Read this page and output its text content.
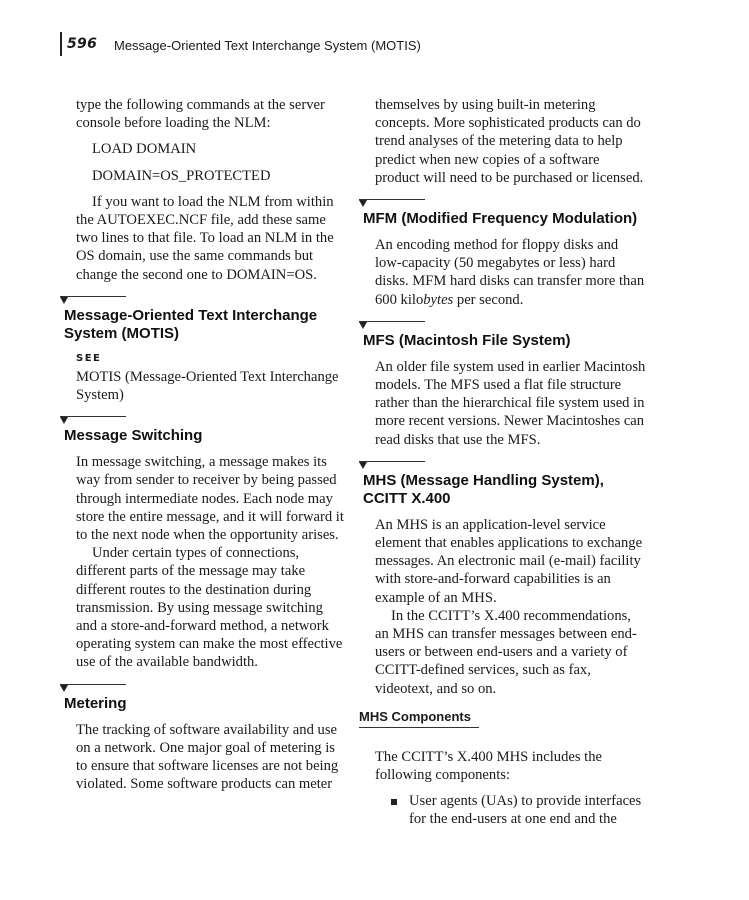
596 Message-Oriented Text Interchange System (MOTIS)

type the following commands at the server console before loading the NLM:

LOAD DOMAIN

DOMAIN=OS_PROTECTED

If you want to load the NLM from within the AUTOEXEC.NCF file, add these same two lines to that file. To load an NLM in the OS domain, use the same commands but change the second one to DOMAIN=OS.

Message-Oriented Text Interchange System (MOTIS)
SEE

MOTIS (Message-Oriented Text Interchange System)

Message Switching

In message switching, a message makes its way from sender to receiver by being passed through intermediate nodes. Each node may store the entire message, and it will forward it to the next node when the opportunity arises.

Under certain types of connections, different parts of the message may take different routes to the destination during transmission. By using message switching and a store-and-forward method, a network operating system can make the most effective use of the available bandwidth.

Metering

The tracking of software availability and use on a network. One major goal of metering is to ensure that software licenses are not being violated. Some software products can meter

themselves by using built-in metering concepts. More sophisticated products can do trend analyses of the metering data to help predict when new copies of a software product will need to be purchased or licensed.

MFM (Modified Frequency Modulation)

An encoding method for floppy disks and low-capacity (50 megabytes or less) hard disks. MFM hard disks can transfer more than 600 kilobytes per second.

MFS (Macintosh File System)

An older file system used in earlier Macintosh models. The MFS used a flat file structure rather than the hierarchical file system used in more recent versions. Newer Macintoshes can read disks that use the MFS.

MHS (Message Handling System), CCITT X.400

An MHS is an application-level service element that enables applications to exchange messages. An electronic mail (e-mail) facility with store-and-forward capabilities is an example of an MHS.

In the CCITT’s X.400 recommendations, an MHS can transfer messages between end-users or between end-users and a variety of CCITT-defined services, such as fax, videotext, and so on.

MHS Components

The CCITT’s X.400 MHS includes the following components:

User agents (UAs) to provide interfaces for the end-users at one end and the
